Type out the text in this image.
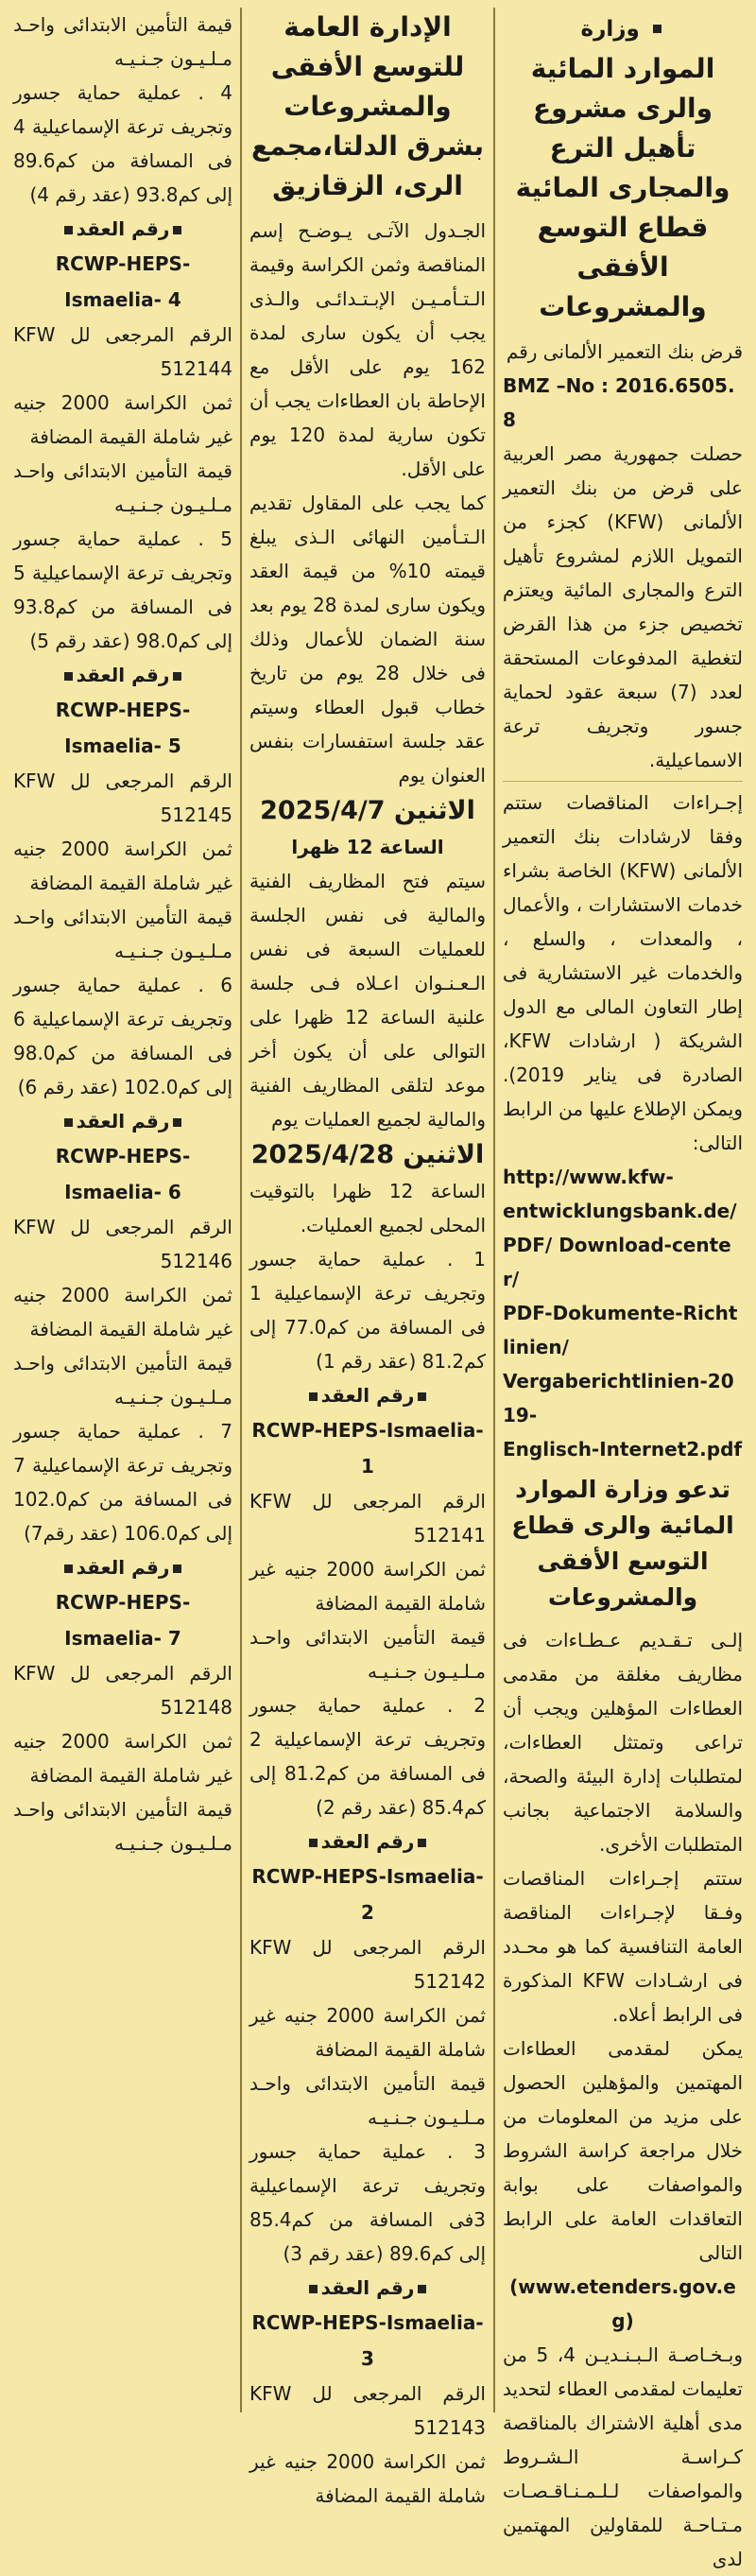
وزارة
الموارد المائية والرى مشروع تأهيل الترع والمجارى المائية قطاع التوسع الأفقى والمشروعات

قرض بنك التعمير الألمانى رقم

BMZ –No : 2016.6505.8

حصلت جمهورية مصر العربية على قرض من بنك التعمير الألمانى (KFW) كجزء من التمويل اللازم لمشروع تأهيل الترع والمجارى المائية ويعتزم تخصيص جزء من هذا القرض لتغطية المدفوعات المستحقة لعدد (7) سبعة عقود لحماية جسور وتجريف ترعة الاسماعيلية.

إجـراءات المناقصات ستتم وفقا لارشادات بنك التعمير الألمانى (KFW) الخاصة بشراء خدمات الاستشارات ، والأعمال ، والمعدات ، والسلع ، والخدمات غير الاستشارية فى إطار التعاون المالى مع الدول الشريكة ( ارشادات KFW، الصادرة فى يناير 2019). ويمكن الإطلاع عليها من الرابط التالى:

http://www.kfw-

entwicklungsbank.de/

PDF/ Download-center/

PDF-Dokumente-Richtlinien/

Vergaberichtlinien-2019-

Englisch-Internet2.pdf

تدعو وزارة الموارد المائية والرى قطاع التوسع الأفقى والمشروعات

إلـى تـقـديم عـطـاءات فى مظاريف مغلقة من مقدمى العطاءات المؤهلين ويجب أن تراعى وتمتثل العطاءات، لمتطلبات إدارة البيئة والصحة، والسلامة الاجتماعية بجانب المتطلبات الأخرى.

ستتم إجـراءات المناقصات وفـقا لإجـراءات المناقصة العامة التنافسية كما هو محـدد فى ارشـادات KFW المذكورة فى الرابط أعلاه.

يمكن لمقدمى العطاءات المهتمين والمؤهلين الحصول على مزيد من المعلومات من خلال مراجعة كراسة الشروط والمواصفات على بوابة التعاقدات العامة على الرابط التالى

(www.etenders.gov.eg)

وبـخـاصـة الـبـنـديـن 4، 5 من تعليمات لمقدمى العطاء لتحديد مدى أهلية الاشتراك بالمناقصة كـراسـة الـشـروط والمواصفات لـلـمـنـاقـصـات مـتـاحـة للمقاولين المهتمين لدى

الإدارة العامة للتوسع الأفقى والمشروعات بشرق الدلتا،مجمع الرى، الزقازيق

الجـدول الآتـى يـوضـح إسم المناقصة وثمن الكراسة وقيمة الـتـأمـيـن الإبـتـدائـى والـذى يجب أن يكون سارى لمدة 162 يوم على الأقل مع الإحاطة بان العطاءات يجب أن تكون سارية لمدة 120 يوم على الأقل.

كما يجب على المقاول تقديم الـتـأمين النهائى الـذى يبلغ قيمته 10% من قيمة العقد ويكون سارى لمدة 28 يوم بعد سنة الضمان للأعمال وذلك فى خلال 28 يوم من تاريخ خطاب قبول العطاء وسيتم عقد جلسة استفسارات بنفس العنوان يوم

الاثنين 2025/4/7

الساعة 12 ظهرا

سيتم فتح المظاريف الفنية والمالية فى نفس الجلسة للعمليات السبعة فى نفس الـعـنـوان اعـلاه فـى جلسة علنية الساعة 12 ظهرا على التوالى على أن يكون أخر موعد لتلقى المظاريف الفنية والمالية لجميع العمليات يوم

الاثنين 2025/4/28

الساعة 12 ظهرا بالتوقيت المحلى لجميع العمليات.

1 . عملية حماية جسور وتجريف ترعة الإسماعيلية 1 فى المسافة من كم77.0 إلى كم81.2 (عقد رقم 1)

رقم العقد

RCWP-HEPS-Ismaelia- 1

الرقم المرجعى لل KFW 512141

ثمن الكراسة 2000 جنيه غير شاملة القيمة المضافة

قيمة التأمين الابتدائى واحـد مـلـيـون جـنـيـه

2 . عملية حماية جسور وتجريف ترعة الإسماعيلية 2 فى المسافة من كم81.2 إلى كم85.4 (عقد رقم 2)

رقم العقد

RCWP-HEPS-Ismaelia- 2

الرقم المرجعى لل KFW 512142

ثمن الكراسة 2000 جنيه غير شاملة القيمة المضافة

قيمة التأمين الابتدائى واحـد مـلـيـون جـنـيـه

3 . عملية حماية جسور وتجريف ترعة الإسماعيلية 3فى المسافة من كم85.4 إلى كم89.6 (عقد رقم 3)

رقم العقد

RCWP-HEPS-Ismaelia- 3

الرقم المرجعى لل KFW 512143

ثمن الكراسة 2000 جنيه غير شاملة القيمة المضافة

قيمة التأمين الابتدائى واحـد مـلـيـون جـنـيـه

4 . عملية حماية جسور وتجريف ترعة الإسماعيلية 4 فى المسافة من كم89.6 إلى كم93.8 (عقد رقم 4)

رقم العقد

RCWP-HEPS-Ismaelia- 4

الرقم المرجعى لل KFW 512144

ثمن الكراسة 2000 جنيه غير شاملة القيمة المضافة

قيمة التأمين الابتدائى واحـد مـلـيـون جـنـيـه

5 . عملية حماية جسور وتجريف ترعة الإسماعيلية 5 فى المسافة من كم93.8 إلى كم98.0 (عقد رقم 5)

رقم العقد

RCWP-HEPS-Ismaelia- 5

الرقم المرجعى لل KFW 512145

ثمن الكراسة 2000 جنيه غير شاملة القيمة المضافة

قيمة التأمين الابتدائى واحـد مـلـيـون جـنـيـه

6 . عملية حماية جسور وتجريف ترعة الإسماعيلية 6 فى المسافة من كم98.0 إلى كم102.0 (عقد رقم 6)

رقم العقد

RCWP-HEPS-Ismaelia- 6

الرقم المرجعى لل KFW 512146

ثمن الكراسة 2000 جنيه غير شاملة القيمة المضافة

قيمة التأمين الابتدائى واحـد مـلـيـون جـنـيـه

7 . عملية حماية جسور وتجريف ترعة الإسماعيلية 7 فى المسافة من كم102.0 إلى كم106.0 (عقد رقم7)

رقم العقد

RCWP-HEPS-Ismaelia- 7

الرقم المرجعى لل KFW 512148

ثمن الكراسة 2000 جنيه غير شاملة القيمة المضافة

قيمة التأمين الابتدائى واحـد مـلـيـون جـنـيـه
